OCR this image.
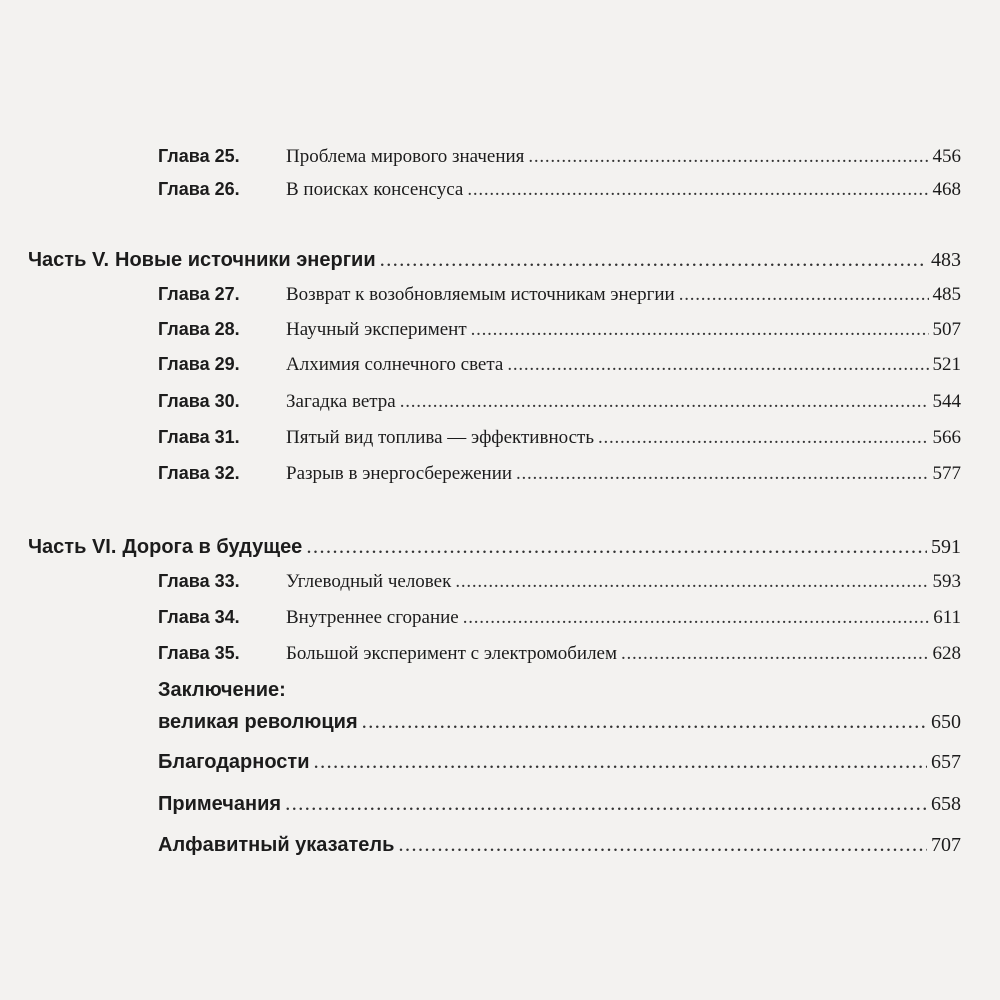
Глава 25.	Проблема мирового значения . . .	456
Глава 26.	В поисках консенсуса . . .	468
Часть V. Новые источники энергии . . .	483
Глава 27.	Возврат к возобновляемым источникам энергии . . .	485
Глава 28.	Научный эксперимент . . .	507
Глава 29.	Алхимия солнечного света . . .	521
Глава 30.	Загадка ветра . . .	544
Глава 31.	Пятый вид топлива — эффективность . . .	566
Глава 32.	Разрыв в энергосбережении . . .	577
Часть VI. Дорога в будущее . . .	591
Глава 33.	Углеводный человек . . .	593
Глава 34.	Внутреннее сгорание . . .	611
Глава 35.	Большой эксперимент с электромобилем . . .	628
Заключение:
великая революция . . .	650
Благодарности . . .	657
Примечания . . .	658
Алфавитный указатель . . .	707
